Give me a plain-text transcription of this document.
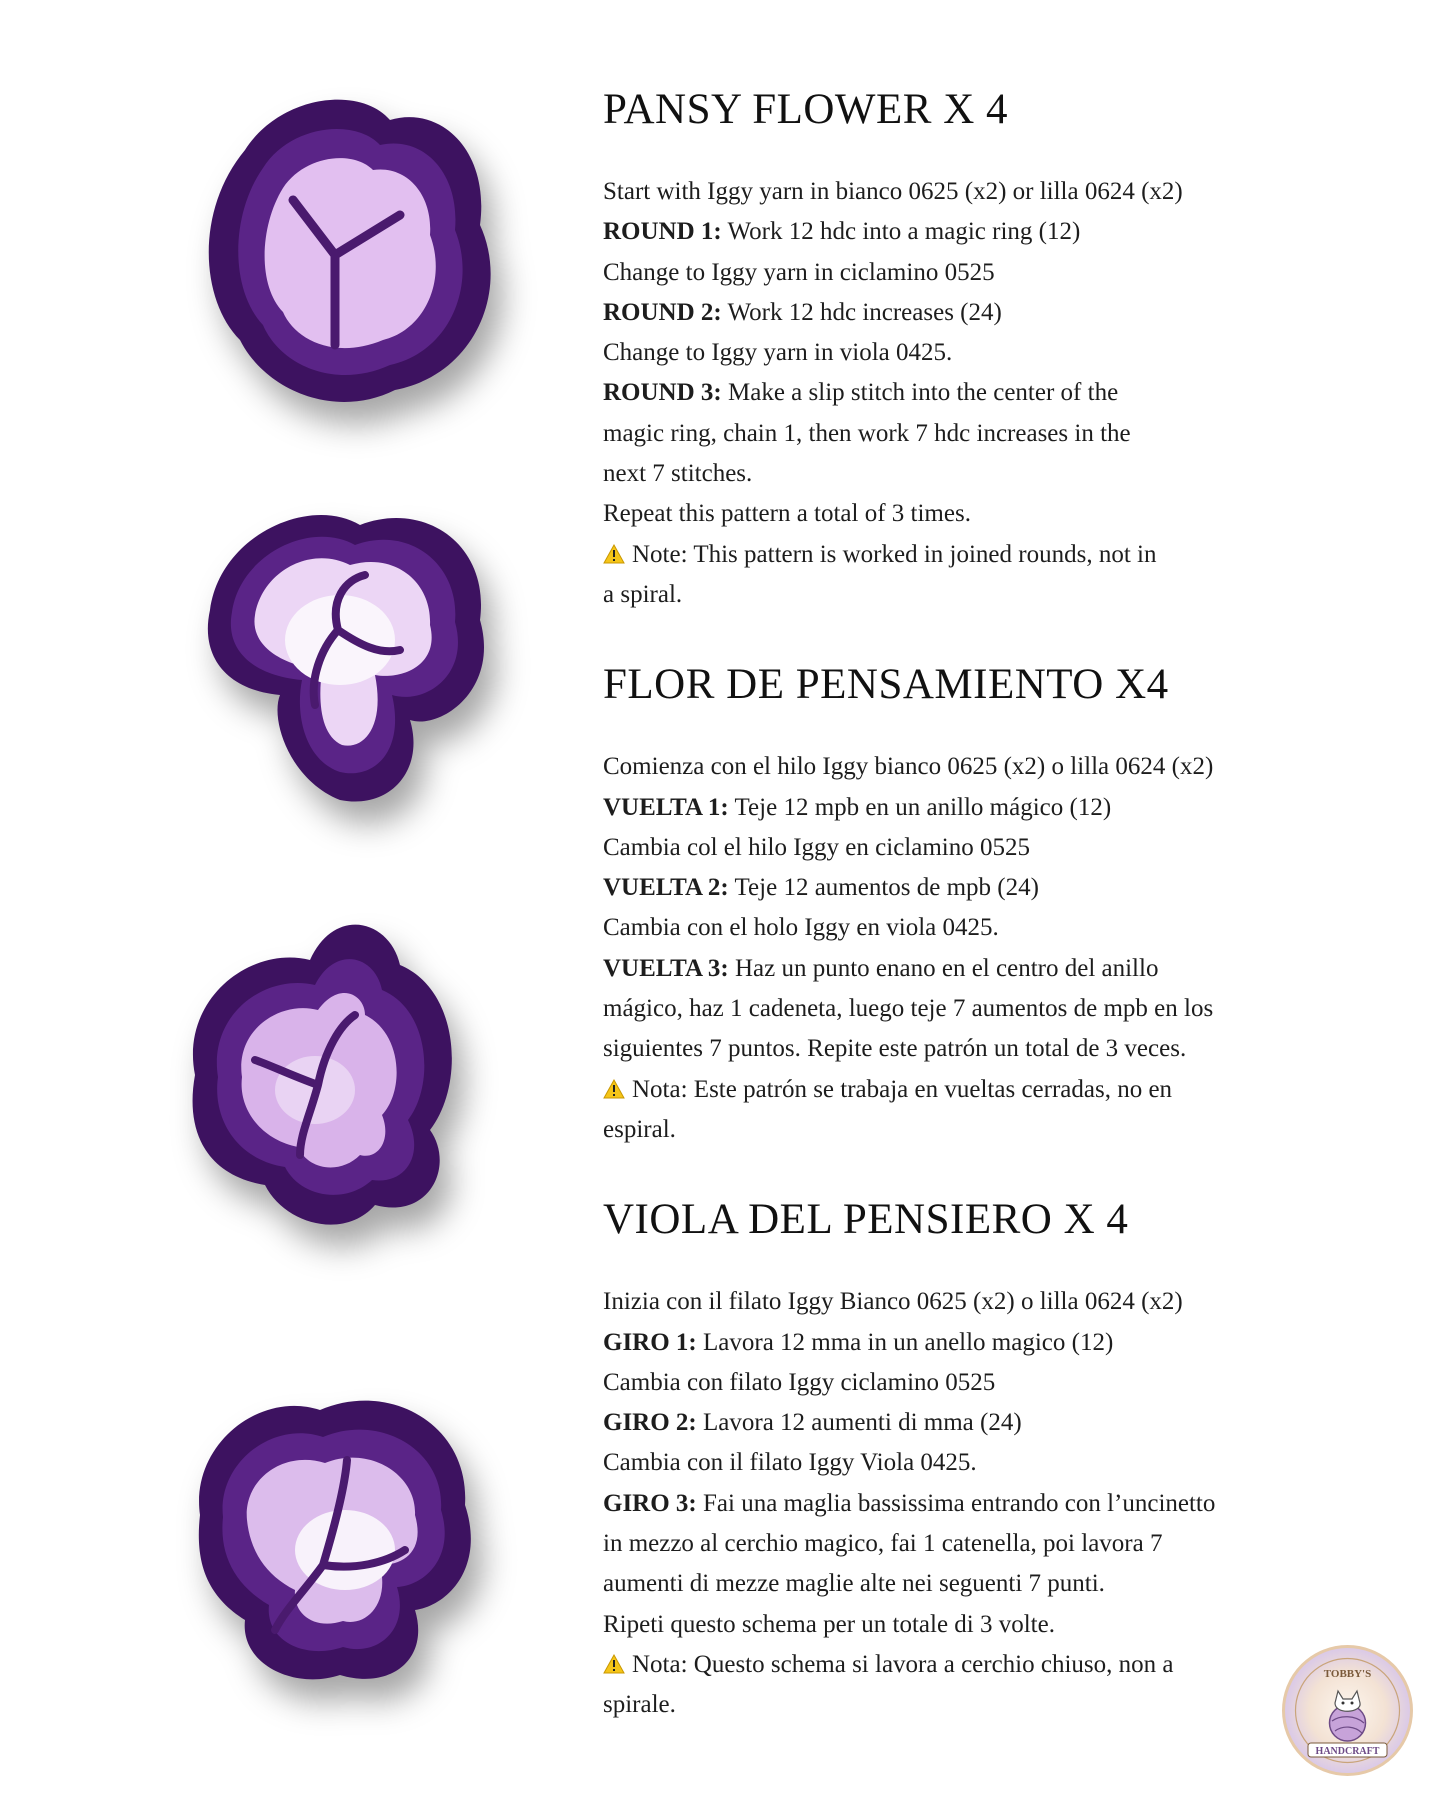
PANSY FLOWER X 4

Start with Iggy yarn in bianco 0625 (x2) or lilla 0624 (x2)

ROUND 1: Work 12 hdc into a magic ring (12)

Change to Iggy yarn in ciclamino 0525

ROUND 2: Work 12 hdc increases (24)

Change to Iggy yarn in viola 0425.

ROUND 3: Make a slip stitch into the center of the

magic ring, chain 1, then work 7 hdc increases in the

next 7 stitches.

Repeat this pattern a total of 3 times.

Note: This pattern is worked in joined rounds, not in

a spiral.

FLOR DE PENSAMIENTO X4

Comienza con el hilo Iggy bianco 0625 (x2) o lilla 0624 (x2)

VUELTA 1: Teje 12 mpb en un anillo mágico (12)

Cambia col el hilo Iggy en ciclamino 0525

VUELTA 2: Teje 12 aumentos de mpb (24)

Cambia con el holo Iggy en viola 0425.

VUELTA 3: Haz un punto enano en el centro del anillo

mágico, haz 1 cadeneta, luego teje 7 aumentos de mpb en los

siguientes 7 puntos. Repite este patrón un total de 3 veces.

Nota: Este patrón se trabaja en vueltas cerradas, no en

espiral.

VIOLA DEL PENSIERO X 4

Inizia con il filato Iggy Bianco 0625 (x2) o lilla 0624 (x2)

GIRO 1: Lavora 12 mma in un anello magico (12)

Cambia con filato Iggy ciclamino 0525

GIRO 2: Lavora 12 aumenti di mma (24)

Cambia con il filato Iggy Viola 0425.

GIRO 3: Fai una maglia bassissima entrando con l’uncinetto

in mezzo al cerchio magico, fai 1 catenella, poi lavora 7

aumenti di mezze maglie alte nei seguenti 7 punti.

Ripeti questo schema per un totale di 3 volte.

Nota: Questo schema si lavora a cerchio chiuso, non a

spirale.

TOBBY'S
HANDCRAFT
